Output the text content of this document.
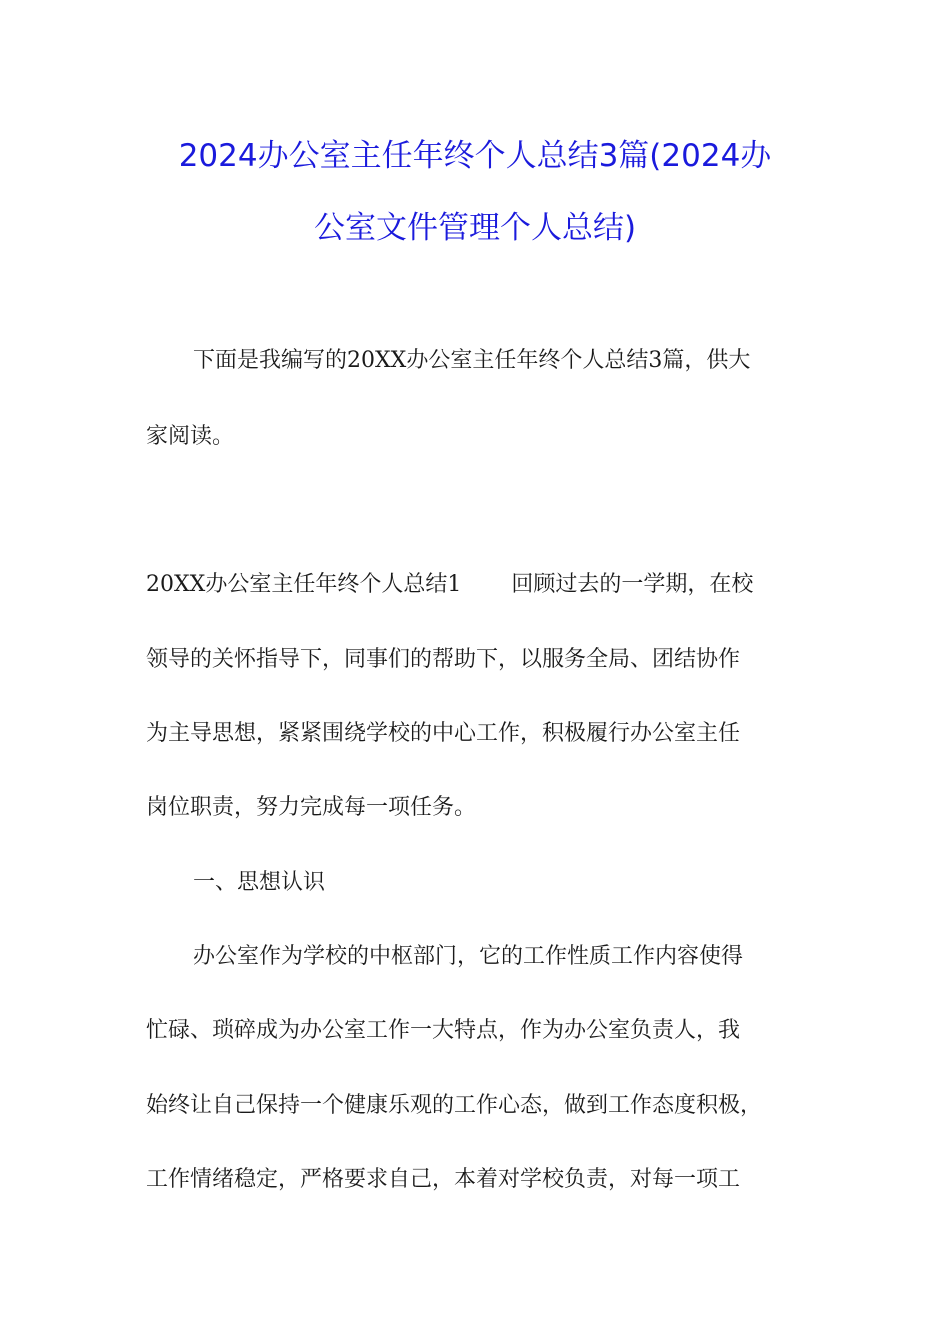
2024办公室主任年终个人总结3篇(2024办
公室文件管理个人总结)
下面是我编写的20XX办公室主任年终个人总结3篇，供大
家阅读。
20XX办公室主任年终个人总结1 回顾过去的一学期，在校
领导的关怀指导下，同事们的帮助下，以服务全局、团结协作
为主导思想，紧紧围绕学校的中心工作，积极履行办公室主任
岗位职责，努力完成每一项任务。
一、思想认识
办公室作为学校的中枢部门，它的工作性质工作内容使得
忙碌、琐碎成为办公室工作一大特点，作为办公室负责人，我
始终让自己保持一个健康乐观的工作心态，做到工作态度积极，
工作情绪稳定，严格要求自己，本着对学校负责，对每一项工
